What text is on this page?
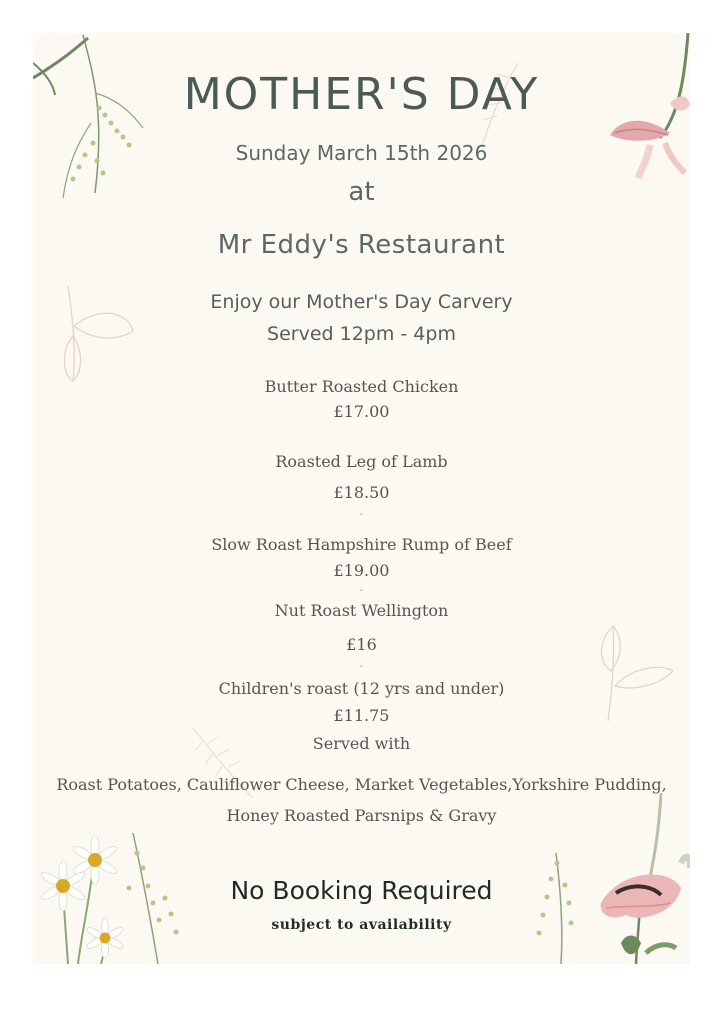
MOTHER'S DAY
Sunday March 15th 2026
at
Mr Eddy's Restaurant
Enjoy our Mother's Day Carvery
Served 12pm - 4pm
Butter Roasted Chicken
£17.00
Roasted Leg of Lamb
£18.50
-
Slow Roast Hampshire Rump of Beef
£19.00
-
Nut Roast Wellington
£16
-
Children's roast (12 yrs and under)
£11.75
Served with
Roast Potatoes, Cauliflower Cheese, Market Vegetables,Yorkshire Pudding,
Honey Roasted Parsnips & Gravy
No Booking Required
subject to availability
